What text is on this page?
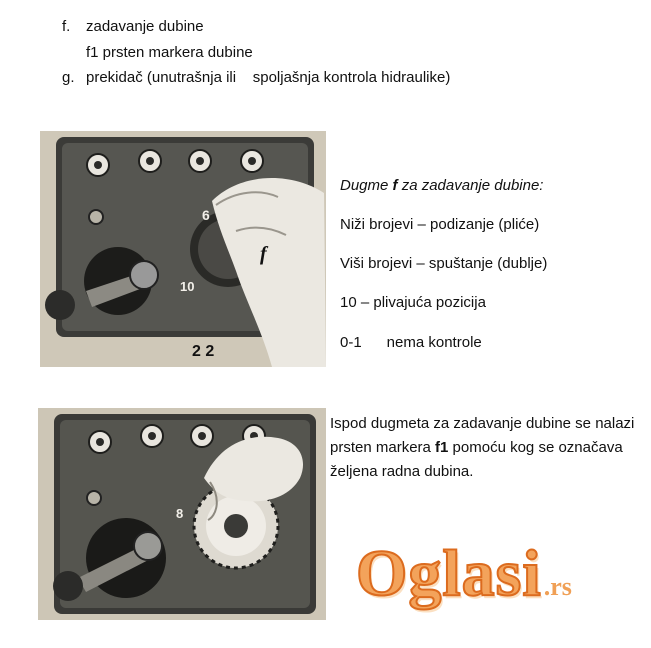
f. zadavanje dubine
f1 prsten markera dubine
g. prekidač (unutrašnja ili    spoljašnja kontrola hidraulike)
6
10
f
2 2
Dugme f za zadavanje dubine:
Niži brojevi – podizanje (pliće)
Viši brojevi – spuštanje (dublje)
10 – plivajuća pozicija
0-1      nema kontrole
8
Ispod dugmeta za zadavanje dubine se nalazi prsten markera f1 pomoću kog se označava željena radna dubina.
Oglasi.rs
